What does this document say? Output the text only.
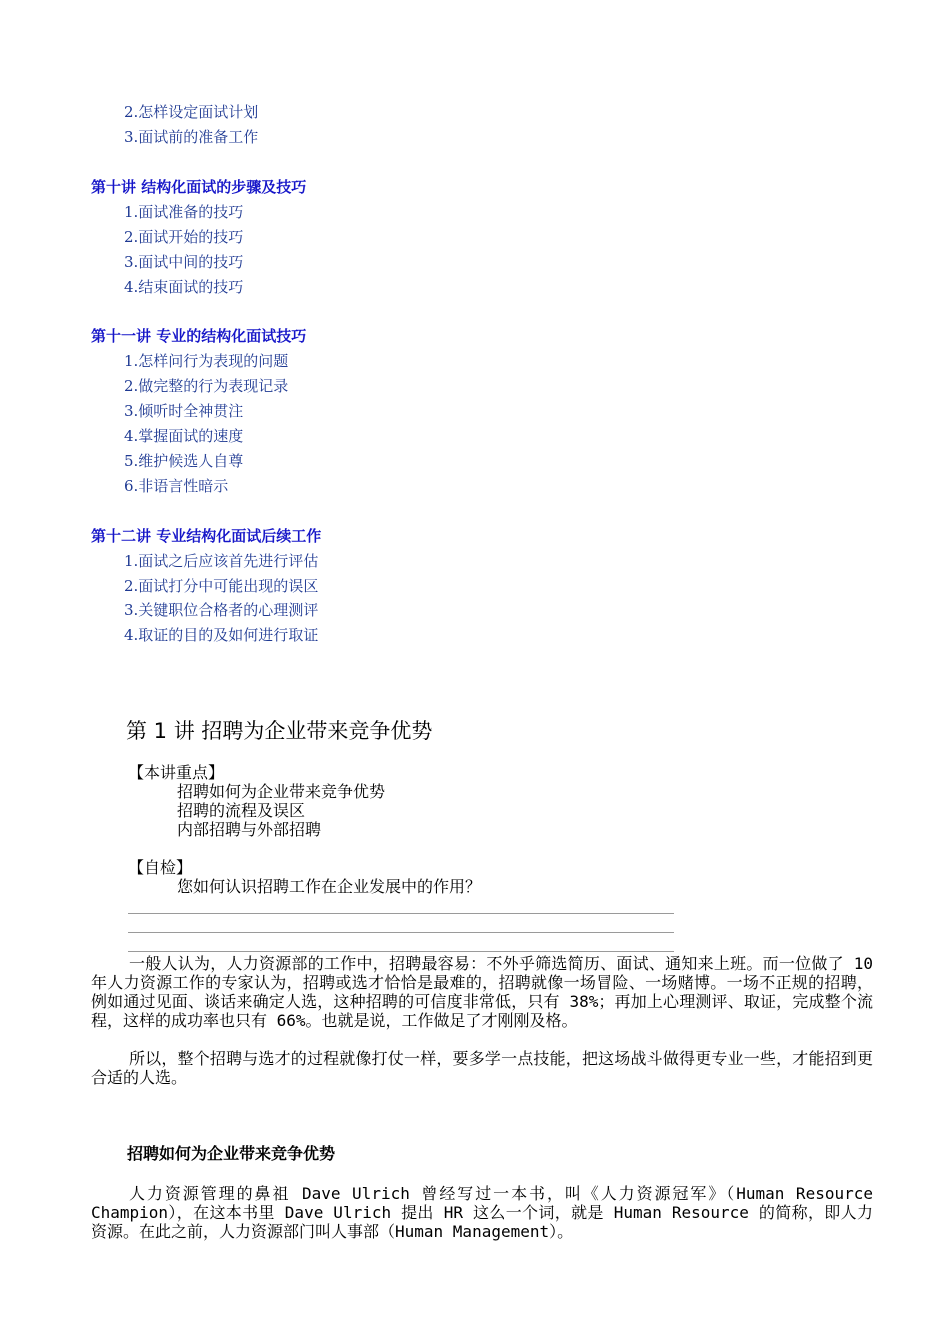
2.怎样设定面试计划
3.面试前的准备工作
第十讲 结构化面试的步骤及技巧
1.面试准备的技巧
2.面试开始的技巧
3.面试中间的技巧
4.结束面试的技巧
第十一讲 专业的结构化面试技巧
1.怎样问行为表现的问题
2.做完整的行为表现记录
3.倾听时全神贯注
4.掌握面试的速度
5.维护候选人自尊
6.非语言性暗示
第十二讲 专业结构化面试后续工作
1.面试之后应该首先进行评估
2.面试打分中可能出现的误区
3.关键职位合格者的心理测评
4.取证的目的及如何进行取证
第 1 讲 招聘为企业带来竞争优势
【本讲重点】
招聘如何为企业带来竞争优势
招聘的流程及误区
内部招聘与外部招聘
【自检】
您如何认识招聘工作在企业发展中的作用？
一般人认为，人力资源部的工作中，招聘最容易：不外乎筛选简历、面试、通知来上班。而一位做了 10 年人力资源工作的专家认为，招聘或选才恰恰是最难的，招聘就像一场冒险、一场赌博。一场不正规的招聘，例如通过见面、谈话来确定人选，这种招聘的可信度非常低，只有 38%；再加上心理测评、取证，完成整个流程，这样的成功率也只有 66%。也就是说，工作做足了才刚刚及格。
所以，整个招聘与选才的过程就像打仗一样，要多学一点技能，把这场战斗做得更专业一些，才能招到更合适的人选。
招聘如何为企业带来竞争优势
人力资源管理的鼻祖 Dave Ulrich 曾经写过一本书，叫《人力资源冠军》（Human Resource Champion），在这本书里 Dave Ulrich 提出 HR 这么一个词，就是 Human Resource 的简称，即人力资源。在此之前，人力资源部门叫人事部（Human Management）。
